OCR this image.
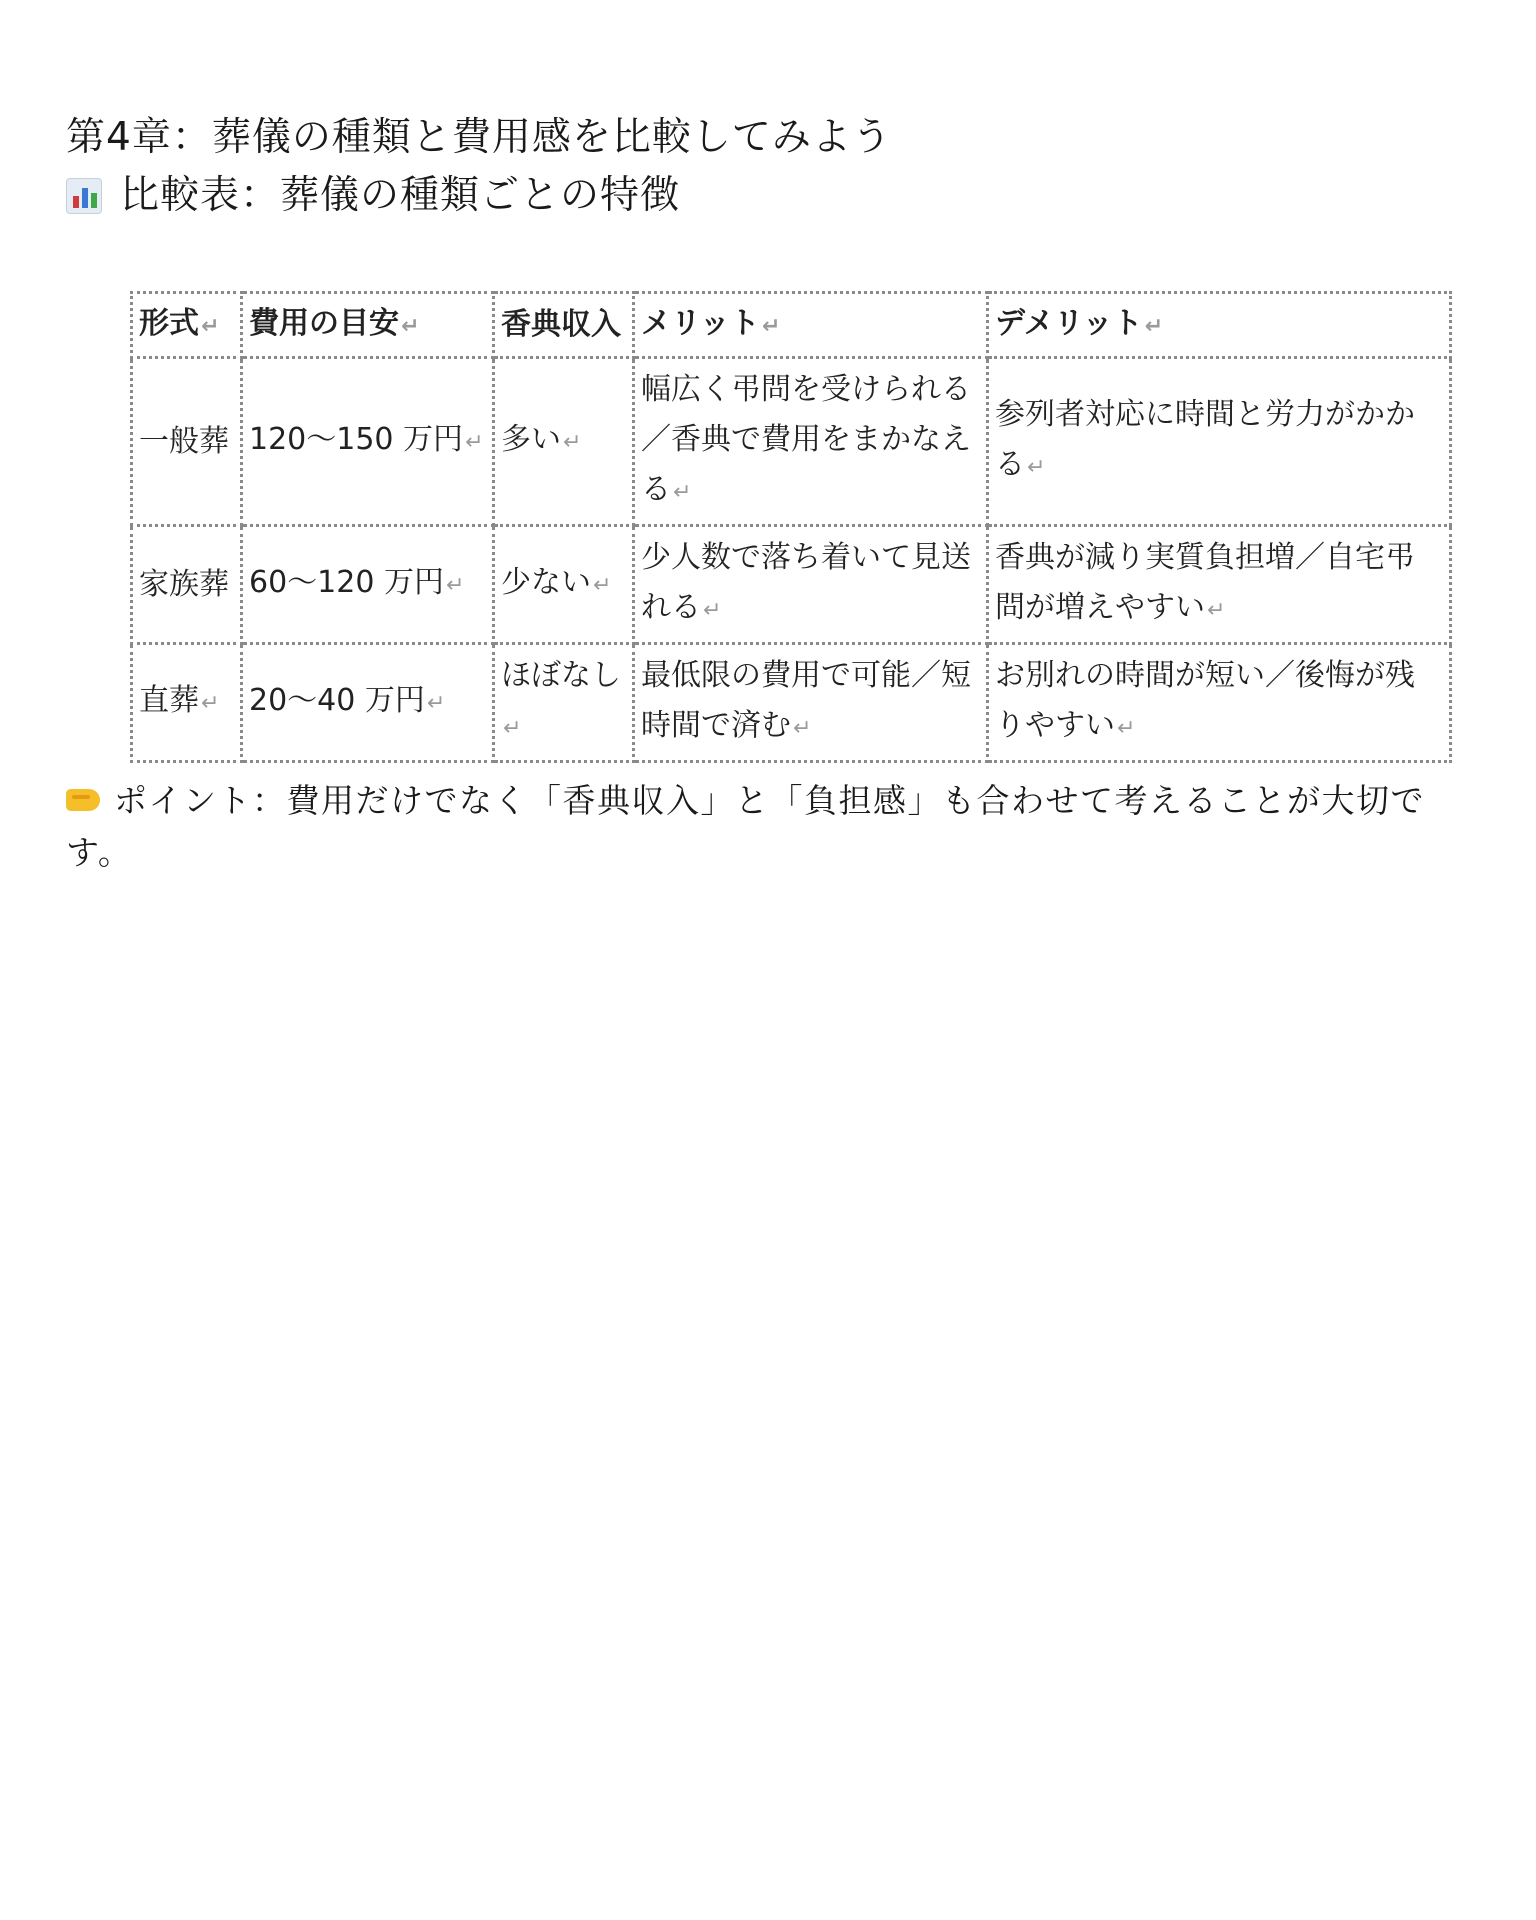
第4章：葬儀の種類と費用感を比較してみよう
比較表：葬儀の種類ごとの特徴
形式↵	費用の目安↵	香典収入	メリット↵	デメリット↵
一般葬	120～150 万円↵	多い↵	幅広く弔問を受けられる／香典で費用をまかなえる↵	参列者対応に時間と労力がかかる↵
家族葬	60～120 万円↵	少ない↵	少人数で落ち着いて見送れる↵	香典が減り実質負担増／自宅弔問が増えやすい↵
直葬↵	20～40 万円↵	ほぼなし↵	最低限の費用で可能／短時間で済む↵	お別れの時間が短い／後悔が残りやすい↵
ポイント：費用だけでなく「香典収入」と「負担感」も合わせて考えることが大切です。
